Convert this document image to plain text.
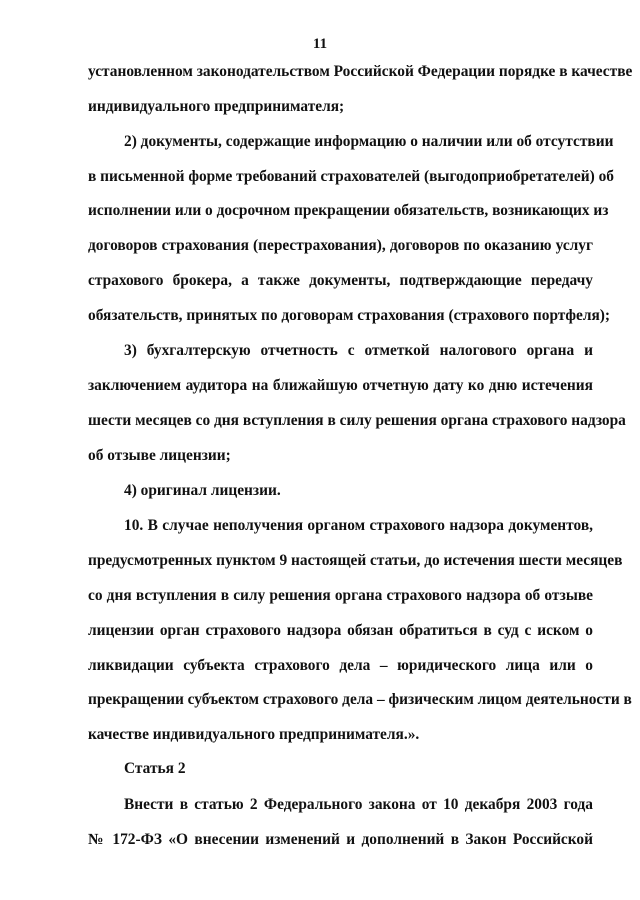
11
установленном законодательством Российской Федерации порядке в качестве
индивидуального предпринимателя;
2) документы, содержащие информацию о наличии или об отсутствии
в письменной форме требований страхователей (выгодоприобретателей) об
исполнении или о досрочном прекращении обязательств, возникающих из
договоров страхования (перестрахования), договоров по оказанию услуг
страхового брокера, а также документы, подтверждающие передачу
обязательств, принятых по договорам страхования (страхового портфеля);
3) бухгалтерскую отчетность с отметкой налогового органа и
заключением аудитора на ближайшую отчетную дату ко дню истечения
шести месяцев со дня вступления в силу решения органа страхового надзора
об отзыве лицензии;
4) оригинал лицензии.
10. В случае неполучения органом страхового надзора документов,
предусмотренных пунктом 9 настоящей статьи, до истечения шести месяцев
со дня вступления в силу решения органа страхового надзора об отзыве
лицензии орган страхового надзора обязан обратиться в суд с иском о
ликвидации субъекта страхового дела – юридического лица или о
прекращении субъектом страхового дела – физическим лицом деятельности в
качестве индивидуального предпринимателя.».
Статья 2
Внести в статью 2 Федерального закона от 10 декабря 2003 года
№ 172-ФЗ «О внесении изменений и дополнений в Закон Российской
